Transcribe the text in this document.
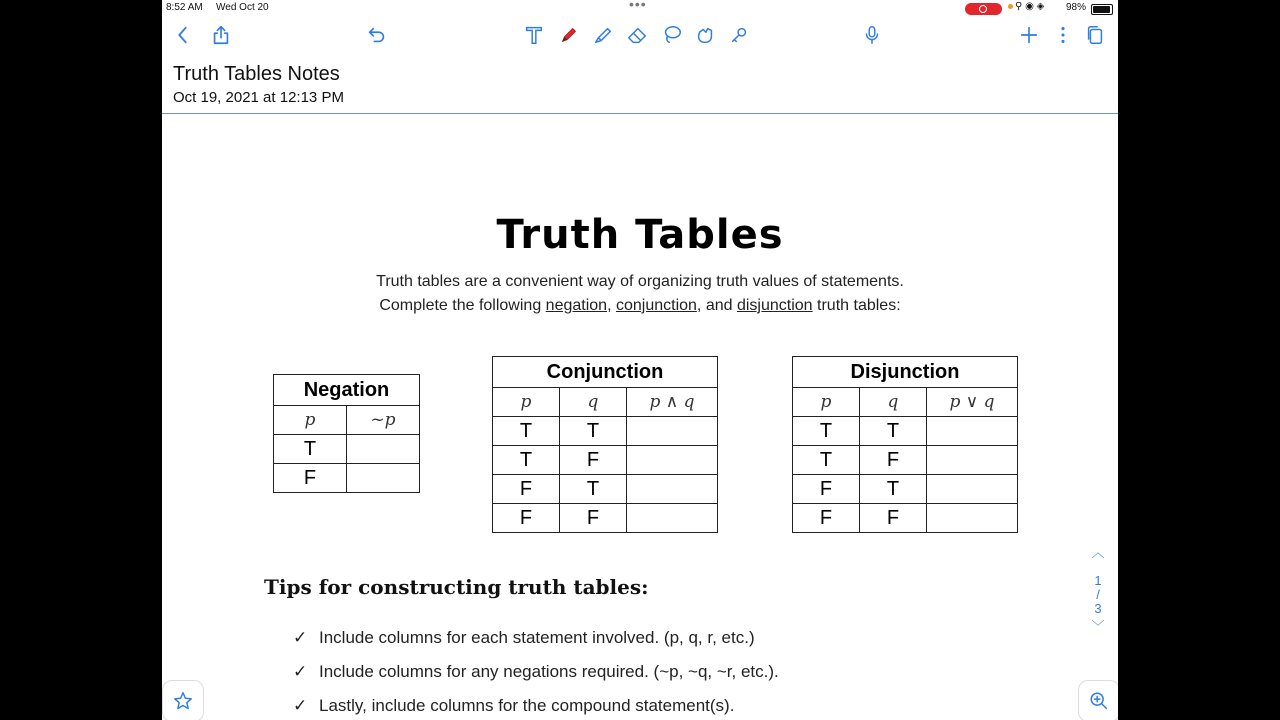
8:52 AM Wed Oct 20	•••	⚲ ◉ ◈ 98%
Truth Tables Notes
Oct 19, 2021 at 12:13 PM
Truth Tables
Truth tables are a convenient way of organizing truth values of statements.
Complete the following negation, conjunction, and disjunction truth tables:
Negation	
p	~p
T	
F	
Conjunction		
p	q	p ∧ q
T	T	
T	F	
F	T	
F	F	
Disjunction		
p	q	p ∨ q
T	T	
T	F	
F	T	
F	F	
Tips for constructing truth tables:
✓ Include columns for each statement involved. (p, q, r, etc.)
✓ Include columns for any negations required. (~p, ~q, ~r, etc.).
✓ Lastly, include columns for the compound statement(s).
︿
1
/
3
﹀
